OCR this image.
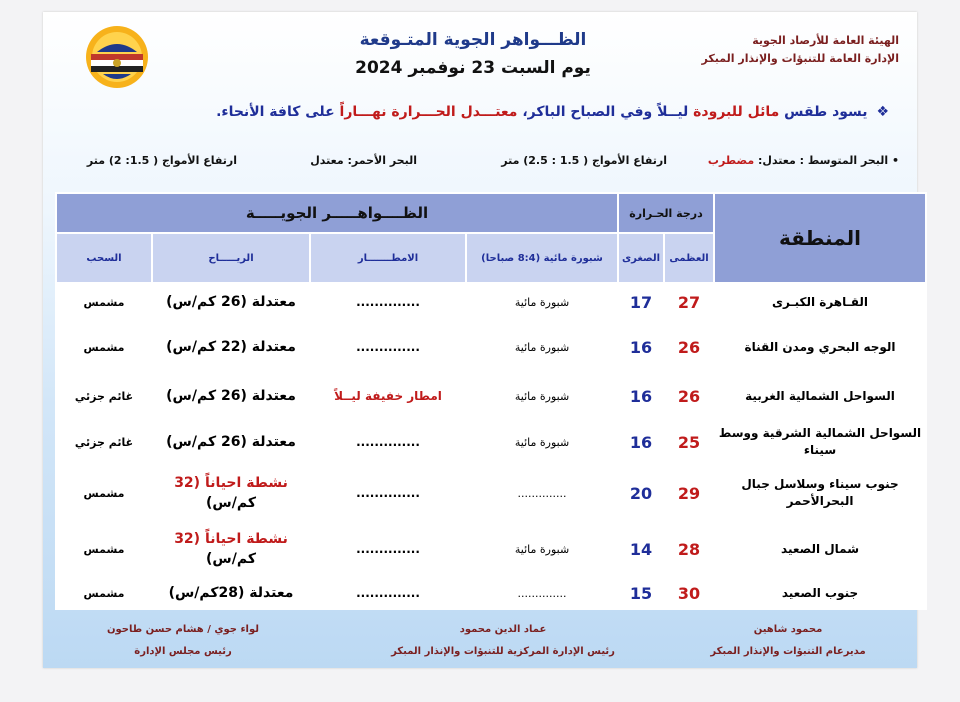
الهيئة العامة للأرصاد الجوية
الإدارة العامة للتنبؤات والإنذار المبكر
الظـــواهر الجوية المتـوقعة
يوم السبت 23 نوفمبر 2024
❖ يسود طقس مائل للبرودة ليــلاً وفي الصباح الباكر، معتـــدل الحـــرارة نهـــاراً على كافة الأنحاء.
• البحر المتوسط : معتدل: مضطرب
ارتفاع الأمواج ( 1.5 : 2.5) متر
البحر الأحمر: معتدل
ارتفاع الأمواج ( 1.5: 2) متر
المنطقة	درجة الحـرارة		الظــــواهـــــر الجويـــــة			
	العظمى	الصغرى	شبورة مائية (8:4 صباحا)	الامطـــــــار	الريـــــاح	السحب
القـاهرة الكبـرى	27	17	شبورة مائية	..............	معتدلة (26 كم/س)	مشمس
الوجه البحري ومدن القناة	26	16	شبورة مائية	..............	معتدلة (22 كم/س)	مشمس
السواحل الشمالية الغربية	26	16	شبورة مائية	امطار خفيفة ليــلاً	معتدلة (26 كم/س)	غائم جزئي
السواحل الشمالية الشرقية ووسط سيناء	25	16	شبورة مائية	..............	معتدلة (26 كم/س)	غائم جزئي
جنوب سيناء وسلاسل جبال البحرالأحمر	29	20	..............	..............	نشطة احياناً (32
كم/س)	مشمس
شمال الصعيد	28	14	شبورة مائية	..............	نشطة احياناً (32
كم/س)	مشمس
جنوب الصعيد	30	15	..............	..............	معتدلة (28كم/س)	مشمس
محمود شاهين
مديرعام التنبؤات والإنذار المبكر
عماد الدين محمود
رئيس الإدارة المركزية للتنبؤات والإنذار المبكر
لواء جوي / هشام حسن طاحون
رئيس مجلس الإدارة
